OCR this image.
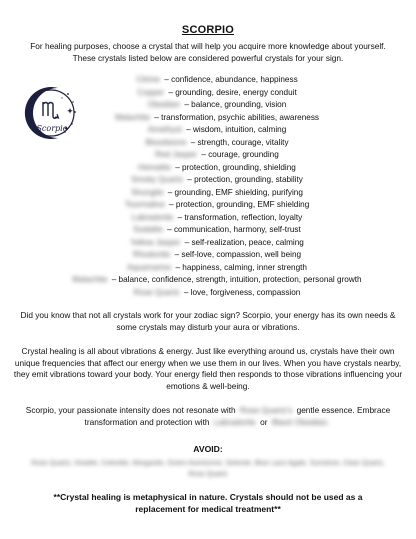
SCORPIO
For healing purposes, choose a crystal that will help you acquire more knowledge about yourself. These crystals listed below are considered powerful crystals for your sign.
Scorpio
Citrine – confidence, abundance, happiness
Copper – grounding, desire, energy conduit
Obsidian – balance, grounding, vision
Malachite – transformation, psychic abilities, awareness
Amethyst – wisdom, intuition, calming
Bloodstone – strength, courage, vitality
Red Jasper – courage, grounding
Hematite – protection, grounding, shielding
Smoky Quartz – protection, grounding, stability
Shungite – grounding, EMF shielding, purifying
Tourmaline – protection, grounding, EMF shielding
Labradorite – transformation, reflection, loyalty
Sodalite – communication, harmony, self-trust
Yellow Jasper – self-realization, peace, calming
Rhodonite – self-love, compassion, well being
Aquamarine – happiness, calming, inner strength
Malachite – balance, confidence, strength, intuition, protection, personal growth
Rose Quartz – love, forgiveness, compassion
Did you know that not all crystals work for your zodiac sign? Scorpio, your energy has its own needs & some crystals may disturb your aura or vibrations.
Crystal healing is all about vibrations & energy. Just like everything around us, crystals have their own unique frequencies that affect our energy when we use them in our lives. When you have crystals nearby, they emit vibrations toward your body. Your energy field then responds to those vibrations influencing your emotions & well-being.
Scorpio, your passionate intensity does not resonate with Rose Quartz's gentle essence. Embrace transformation and protection with Labradorite or Black Obsidian.
AVOID:
Rose Quartz, Howlite, Celestite, Morganite, Green Aventurine, Selenite, Blue Lace Agate, Sunstone, Clear Quartz, Rose Quartz
**Crystal healing is metaphysical in nature. Crystals should not be used as a replacement for medical treatment**
